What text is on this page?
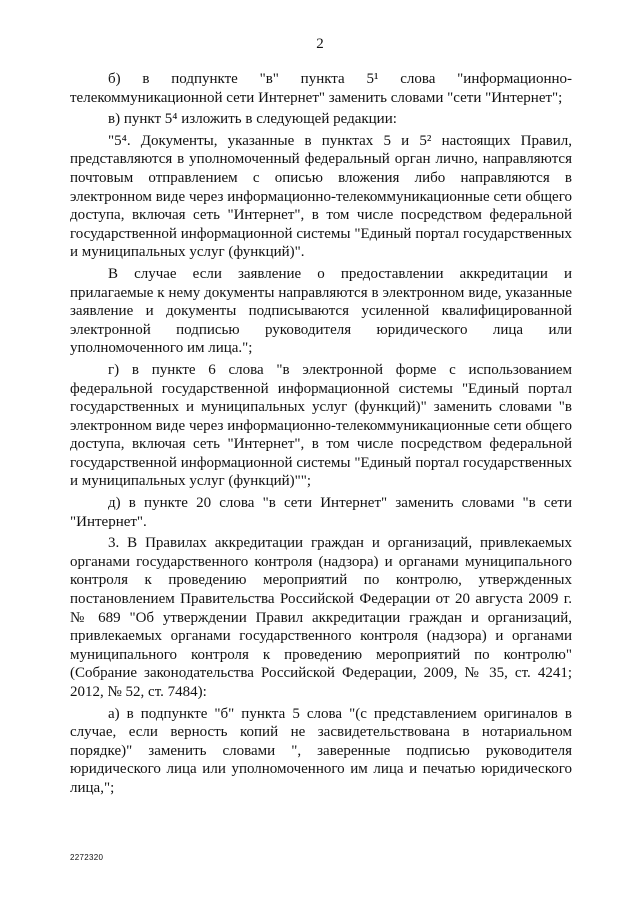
2

б) в подпункте "в" пункта 5¹ слова "информационно-телекоммуникационной сети Интернет" заменить словами "сети "Интернет";

в) пункт 5⁴ изложить в следующей редакции:

"5⁴. Документы, указанные в пунктах 5 и 5² настоящих Правил, представляются в уполномоченный федеральный орган лично, направляются почтовым отправлением с описью вложения либо направляются в электронном виде через информационно-телекоммуникационные сети общего доступа, включая сеть "Интернет", в том числе посредством федеральной государственной информационной системы "Единый портал государственных и муниципальных услуг (функций)".

В случае если заявление о предоставлении аккредитации и прилагаемые к нему документы направляются в электронном виде, указанные заявление и документы подписываются усиленной квалифицированной электронной подписью руководителя юридического лица или уполномоченного им лица.";

г) в пункте 6 слова "в электронной форме с использованием федеральной государственной информационной системы "Единый портал государственных и муниципальных услуг (функций)" заменить словами "в электронном виде через информационно-телекоммуникационные сети общего доступа, включая сеть "Интернет", в том числе посредством федеральной государственной информационной системы "Единый портал государственных и муниципальных услуг (функций)"";

д) в пункте 20 слова "в сети Интернет" заменить словами "в сети "Интернет".

3. В Правилах аккредитации граждан и организаций, привлекаемых органами государственного контроля (надзора) и органами муниципального контроля к проведению мероприятий по контролю, утвержденных постановлением Правительства Российской Федерации от 20 августа 2009 г. № 689 "Об утверждении Правил аккредитации граждан и организаций, привлекаемых органами государственного контроля (надзора) и органами муниципального контроля к проведению мероприятий по контролю" (Собрание законодательства Российской Федерации, 2009, № 35, ст. 4241; 2012, № 52, ст. 7484):

а) в подпункте "б" пункта 5 слова "(с представлением оригиналов в случае, если верность копий не засвидетельствована в нотариальном порядке)" заменить словами ", заверенные подписью руководителя юридического лица или уполномоченного им лица и печатью юридического лица,";

2272320
